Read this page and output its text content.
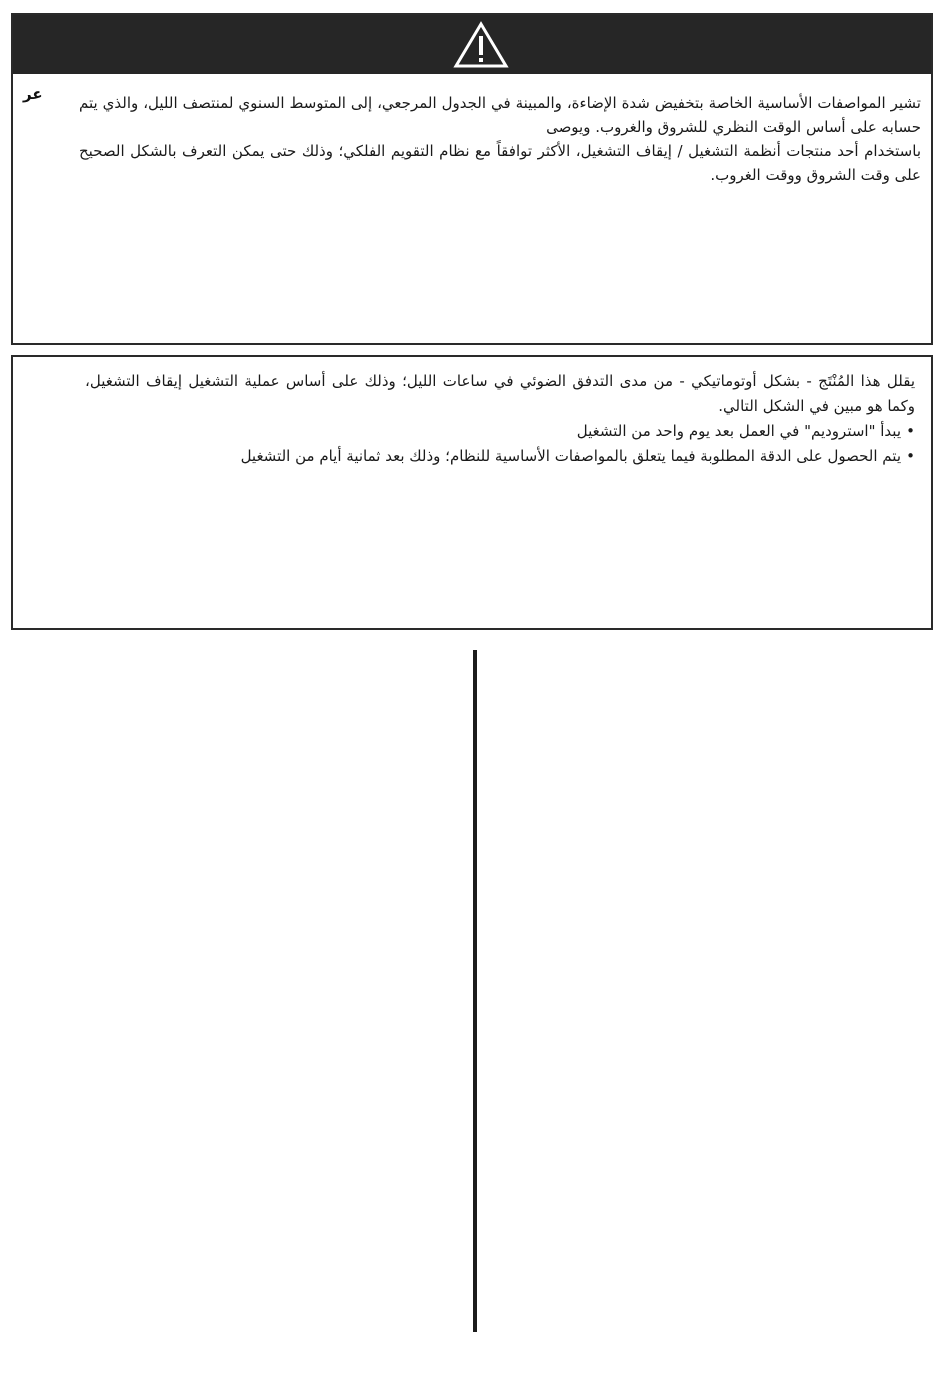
عر تشير المواصفات الأساسية الخاصة بتخفيض شدة الإضاءة، والمبينة في الجدول المرجعي، إلى المتوسط السنوي لمنتصف الليل، والذي يتم حسابه على أساس الوقت النظري للشروق والغروب. ويوصى

باستخدام أحد منتجات أنظمة التشغيل / إيقاف التشغيل، الأكثر توافقاً مع نظام التقويم الفلكي؛ وذلك حتى يمكن التعرف بالشكل الصحيح على وقت الشروق ووقت الغروب.

يقلل هذا المُنْتَج - بشكل أوتوماتيكي - من مدى التدفق الضوئي في ساعات الليل؛ وذلك على أساس عملية التشغيل إيقاف التشغيل، وكما هو مبين في الشكل التالي.

• يبدأ "استروديم" في العمل بعد يوم واحد من التشغيل
• يتم الحصول على الدقة المطلوبة فيما يتعلق بالمواصفات الأساسية للنظام؛ وذلك بعد ثمانية أيام من التشغيل
